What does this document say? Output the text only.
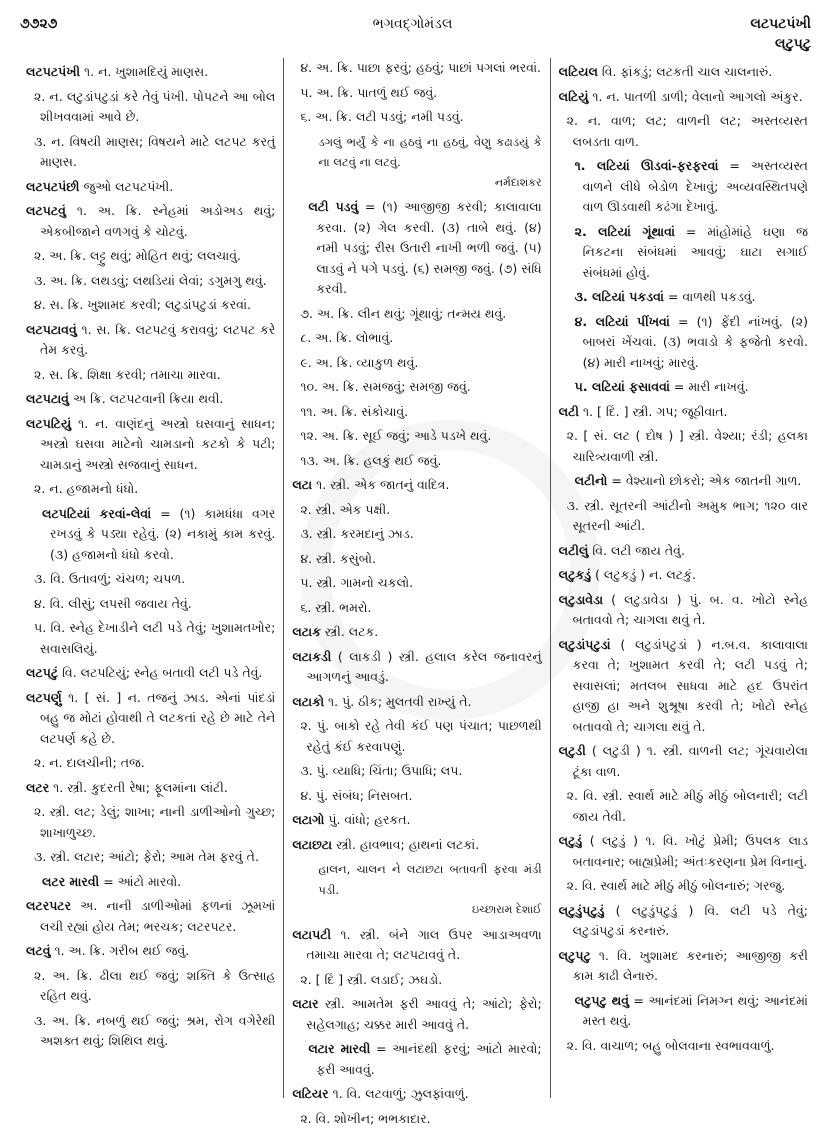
૭૭૨૭	ભગવદ્ગોમંડલ	લટપટપંખી
લટુપટુ
લટપટપંખી ૧. ન. ખુશામદિયું માણસ.
૨. ન. લટુડાંપટુડાં કરે તેવું પંખી. પોપટને આ બોલ શીખવવામાં આવે છે.
૩. ન. વિષયી માણસ; વિષયને માટે લટપટ કરતું માણસ.
લટપટપંછી જુઓ લટપટપંખી.
લટપટવું ૧. અ. ક્રિ. સ્નેહમાં અડોઅડ થવું; એકબીજાને વળગવું કે ચોટવું.
૨. અ. ક્રિ. લટ્ટુ થવું; મોહિત થવું; લલચાવું.
૩. અ. ક્રિ. લથડવું; લથડિયાં લેવાં; ડગુમગુ થવું.
૪. સ. ક્રિ. ખુશામદ કરવી; લટુડાંપટુડાં કરવાં.
લટપટાવવું ૧. સ. ક્રિ. લટપટવું કરાવવું; લટપટ કરે તેમ કરવું.
૨. સ. ક્રિ. શિક્ષા કરવી; તમાચા મારવા.
લટપટાવું અ ક્રિ. લટપટવાની ક્રિયા થવી.
લટપટિયું ૧. ન. વાણંદનું અસ્ત્રો ઘસવાનું સાધન; અસ્ત્રો ઘસવા માટેનો ચામડાનો કટકો કે પટી; ચામડાનું અસ્ત્રો સજવાનું સાધન.
૨. ન. હજામનો ધંધો.
લટપટિયાં કરવાં-લેવાં = (૧) કામધંધા વગર રખડવું કે પડ્યા રહેવું. (૨) નકામું કામ કરવું. (૩) હજામનો ધંધો કરવો.
૩. વિ. ઉતાવળું; ચંચળ; ચપળ.
૪. વિ. લીસું; લપસી જવાય તેવું.
૫. વિ. સ્નેહ દેખાડીને લટી પડે તેવું; ખુશામતખોર; સવાસલિયું.
લટપટું વિ. લટપટિયું; સ્નેહ બતાવી લટી પડે તેવું.
લટપર્ણુ ૧. [ સં. ] ન. તજનું ઝાડ. એનાં પાંદડાં બહુ જ મોટાં હોવાથી તે લટકતાં રહે છે માટે તેને લટપર્ણ કહે છે.
૨. ન. દાલચીની; તજ.
લટર ૧. સ્ત્રી. કુદરતી રેષા; ફૂલમાંના લાંટી.
૨. સ્ત્રી. લટ; ડેલું; શાખા; નાની ડાળીઓનો ગુચ્છ; શાખાળુચ્છ.
૩. સ્ત્રી. લટાર; આંટો; ફેરો; આમ તેમ ફરવું તે.
લટર મારવી = આંટો મારવો.
લટરપટર અ. નાની ડાળીઓમાં ફળનાં ઝૂમખાં લચી રહ્યાં હોય તેમ; ભરચક; લટરપટર.
લટવું ૧. અ. ક્રિ. ગરીબ થઈ જવું.
૨. અ. ક્રિ. ઢીલા થઈ જવું; શક્તિ કે ઉત્સાહ રહિત થવું.
૩. અ. ક્રિ. નબળું થઈ જવું; શ્રમ, રોગ વગેરેથી અશક્ત થવું; શિથિલ થવું.
૪. અ. ક્રિ. પાછા ફરવું; હઠવું; પાછાં પગલાં ભરવાં.
૫. અ. ક્રિ. પાતળું થઈ જવું.
૬. અ. ક્રિ. લટી પડવું; નમી પડવું.
ડગલું ભર્યું કે ના હઠવું ના હઠવું, વેણુ કઢાડયું કે ના લટવું ના લટવું.
નર્મદાશંકર
લટી પડવું = (૧) આજીજી કરવી; કાલાવાલા કરવા. (૨) ગેલ કરવી. (૩) તાબે થવું. (૪) નમી પડવું; રીસ ઉતારી નાખી ભળી જવું. (૫) લાડવું ને પગે પડવું. (૬) સમજી જવું. (૭) સંધિ કરવી.
૭. અ. ક્રિ. લીન થવું; ગૂંથાવું; તન્મય થવું.
૮. અ. ક્રિ. લોભાવું.
૯. અ. ક્રિ. વ્યાકુળ થવું.
૧૦. અ. ક્રિ. સમજવું; સમજી જવું.
૧૧. અ. ક્રિ. સંકોચાવું.
૧૨. અ. ક્રિ. સૂઈ જવું; આડે પડખે થવું.
૧૩. અ. ક્રિ. હલકું થઈ જવું.
લટા ૧. સ્ત્રી. એક જાતનું વાદિત્ર.
૨. સ્ત્રી. એક પક્ષી.
૩. સ્ત્રી. કરમદાનું ઝાડ.
૪. સ્ત્રી. કસુંબો.
૫. સ્ત્રી. ગામનો ચકલો.
૬. સ્ત્રી. ભમરો.
લટાક સ્ત્રી. લટક.
લટાકડી ( લાકડી ) સ્ત્રી. હલાલ કરેલ જનાવરનું આગળનું આવડું.
લટાકો ૧. પું. ઠીક; મુલતવી રાખ્યું તે.
૨. પું. બાકો રહે તેવી કંઈ પણ પંચાત; પાછળથી રહેતું કંઈ કરવાપણું.
૩. પું. વ્યાધિ; ચિંતા; ઉપાધિ; લપ.
૪. પું. સંબંધ; નિસબત.
લટાગો પું. વાંધો; હરકત.
લટાછટા સ્ત્રી. હાવભાવ; હાથનાં લટકાં.
હાલન, ચાલન ને લટાછટા બતાવતી ફરવા મંડી પડી.
ઇચ્છારામ દેશાઈ
લટાપટી ૧. સ્ત્રી. બંને ગાલ ઉપર આડાઅવળા તમાચા મારવા તે; લટપટાવવું તે.
૨. [ દિં ] સ્ત્રી. લડાઈ; ઝઘડો.
લટાર સ્ત્રી. આમતેમ ફરી આવવું તે; આંટો; ફેરો; સહેલગાહ; ચક્કર મારી આવવું તે.
લટાર મારવી = આનંદથી ફરવું; આંટો મારવો; ફરી આવવું.
લટિયર ૧. વિ. લટવાળું; ઝુલફાંવાળું.
૨. વિ. શોખીન; ભભકાદાર.
લટિયલ વિ. ફાંકડું; લટકતી ચાલ ચાલનારું.
લટિયું ૧. ન. પાતળી ડાળી; વેલાનો આગલો અંકુર.
૨. ન. વાળ; લટ; વાળની લટ; અસ્તવ્યસ્ત લબડતા વાળ.
૧. લટિયાં ઊડવાં-ફરફરવાં = અસ્તવ્યસ્ત વાળને લીધે બેડોળ દેખાવું; અવ્યવસ્થિતપણે વાળ ઊડવાથી કઢંગા દેખાવું.
૨. લટિયાં ગૂંથાવાં = માંહોમાંહે ઘણા જ નિકટના સંબંધમાં આવવું; ઘાટા સગાઈ સંબંધમાં હોવું.
૩. લટિયાં પકડવાં = વાળથી પકડવું.
૪. લટિયાં પીંખવાં = (૧) ફેંદી નાંખવું. (૨) બાબરાં ખેંચવાં. (૩) ભવાડો કે ફજેતો કરવો. (૪) મારી નાખવું; મારવું.
૫. લટિયાં ફસાવવાં = મારી નાખવું.
લટી ૧. [ દિં. ] સ્ત્રી. ગપ; જૂઠીવાત.
૨. [ સં. લટ ( દોષ ) ] સ્ત્રી. વેશ્યા; રંડી; હલકા ચારિત્ર્યવાળી સ્ત્રી.
લટીનો = વેશ્યાનો છોકરો; એક જાતની ગાળ.
૩. સ્ત્રી. સૂતરની આંટીનો અમુક ભાગ; ૧૨૦ વાર સૂતરની આંટી.
લટીલું વિ. લટી જાય તેવું.
લટુકડું ( લટુકડું ) ન. લટકું.
લટુડાવેડા ( લટુડાવેડા ) પું. બ. વ. ખોટો સ્નેહ બતાવવો તે; ચાગલા થવું તે.
લટુડાંપટુડાં ( લટુડાંપટુડાં ) ન.બ.વ. કાલાવાલા કરવા તે; ખુશામત કરવી તે; લટી પડવું તે; સવાસલાં; મતલબ સાધવા માટે હદ ઉપરાંત હાજી હા અને શુશ્રૂષા કરવી તે; ખોટો સ્નેહ બતાવવો તે; ચાગલા થવું તે.
લટુડી ( લટુડી ) ૧. સ્ત્રી. વાળની લટ; ગૂંચવાયેલા ટૂંકા વાળ.
૨. વિ. સ્ત્રી. સ્વાર્થ માટે મીઠું મીઠું બોલનારી; લટી જાય તેવી.
લટુડું ( લટુડું ) ૧. વિ. ખોટું પ્રેમી; ઉપલક લાડ બતાવનાર; બાહ્યપ્રેમી; અંતઃકરણના પ્રેમ વિનાનું.
૨. વિ. સ્વાર્થ માટે મીઠું મીઠું બોલનારું; ગરજુ.
લટુડુંપટુડું ( લટુડુંપટુડું ) વિ. લટી પડે તેવું; લટુડાંપટુડાં કરનારું.
લટુપટુ ૧. વિ. ખુશામદ કરનારું; આજીજી કરી કામ કાઢી લેનારું.
લટુપટુ થવું = આનંદમાં નિમગ્ન થવું; આનંદમાં મસ્ત થવું.
૨. વિ. વાચાળ; બહુ બોલવાના સ્વભાવવાળું.
